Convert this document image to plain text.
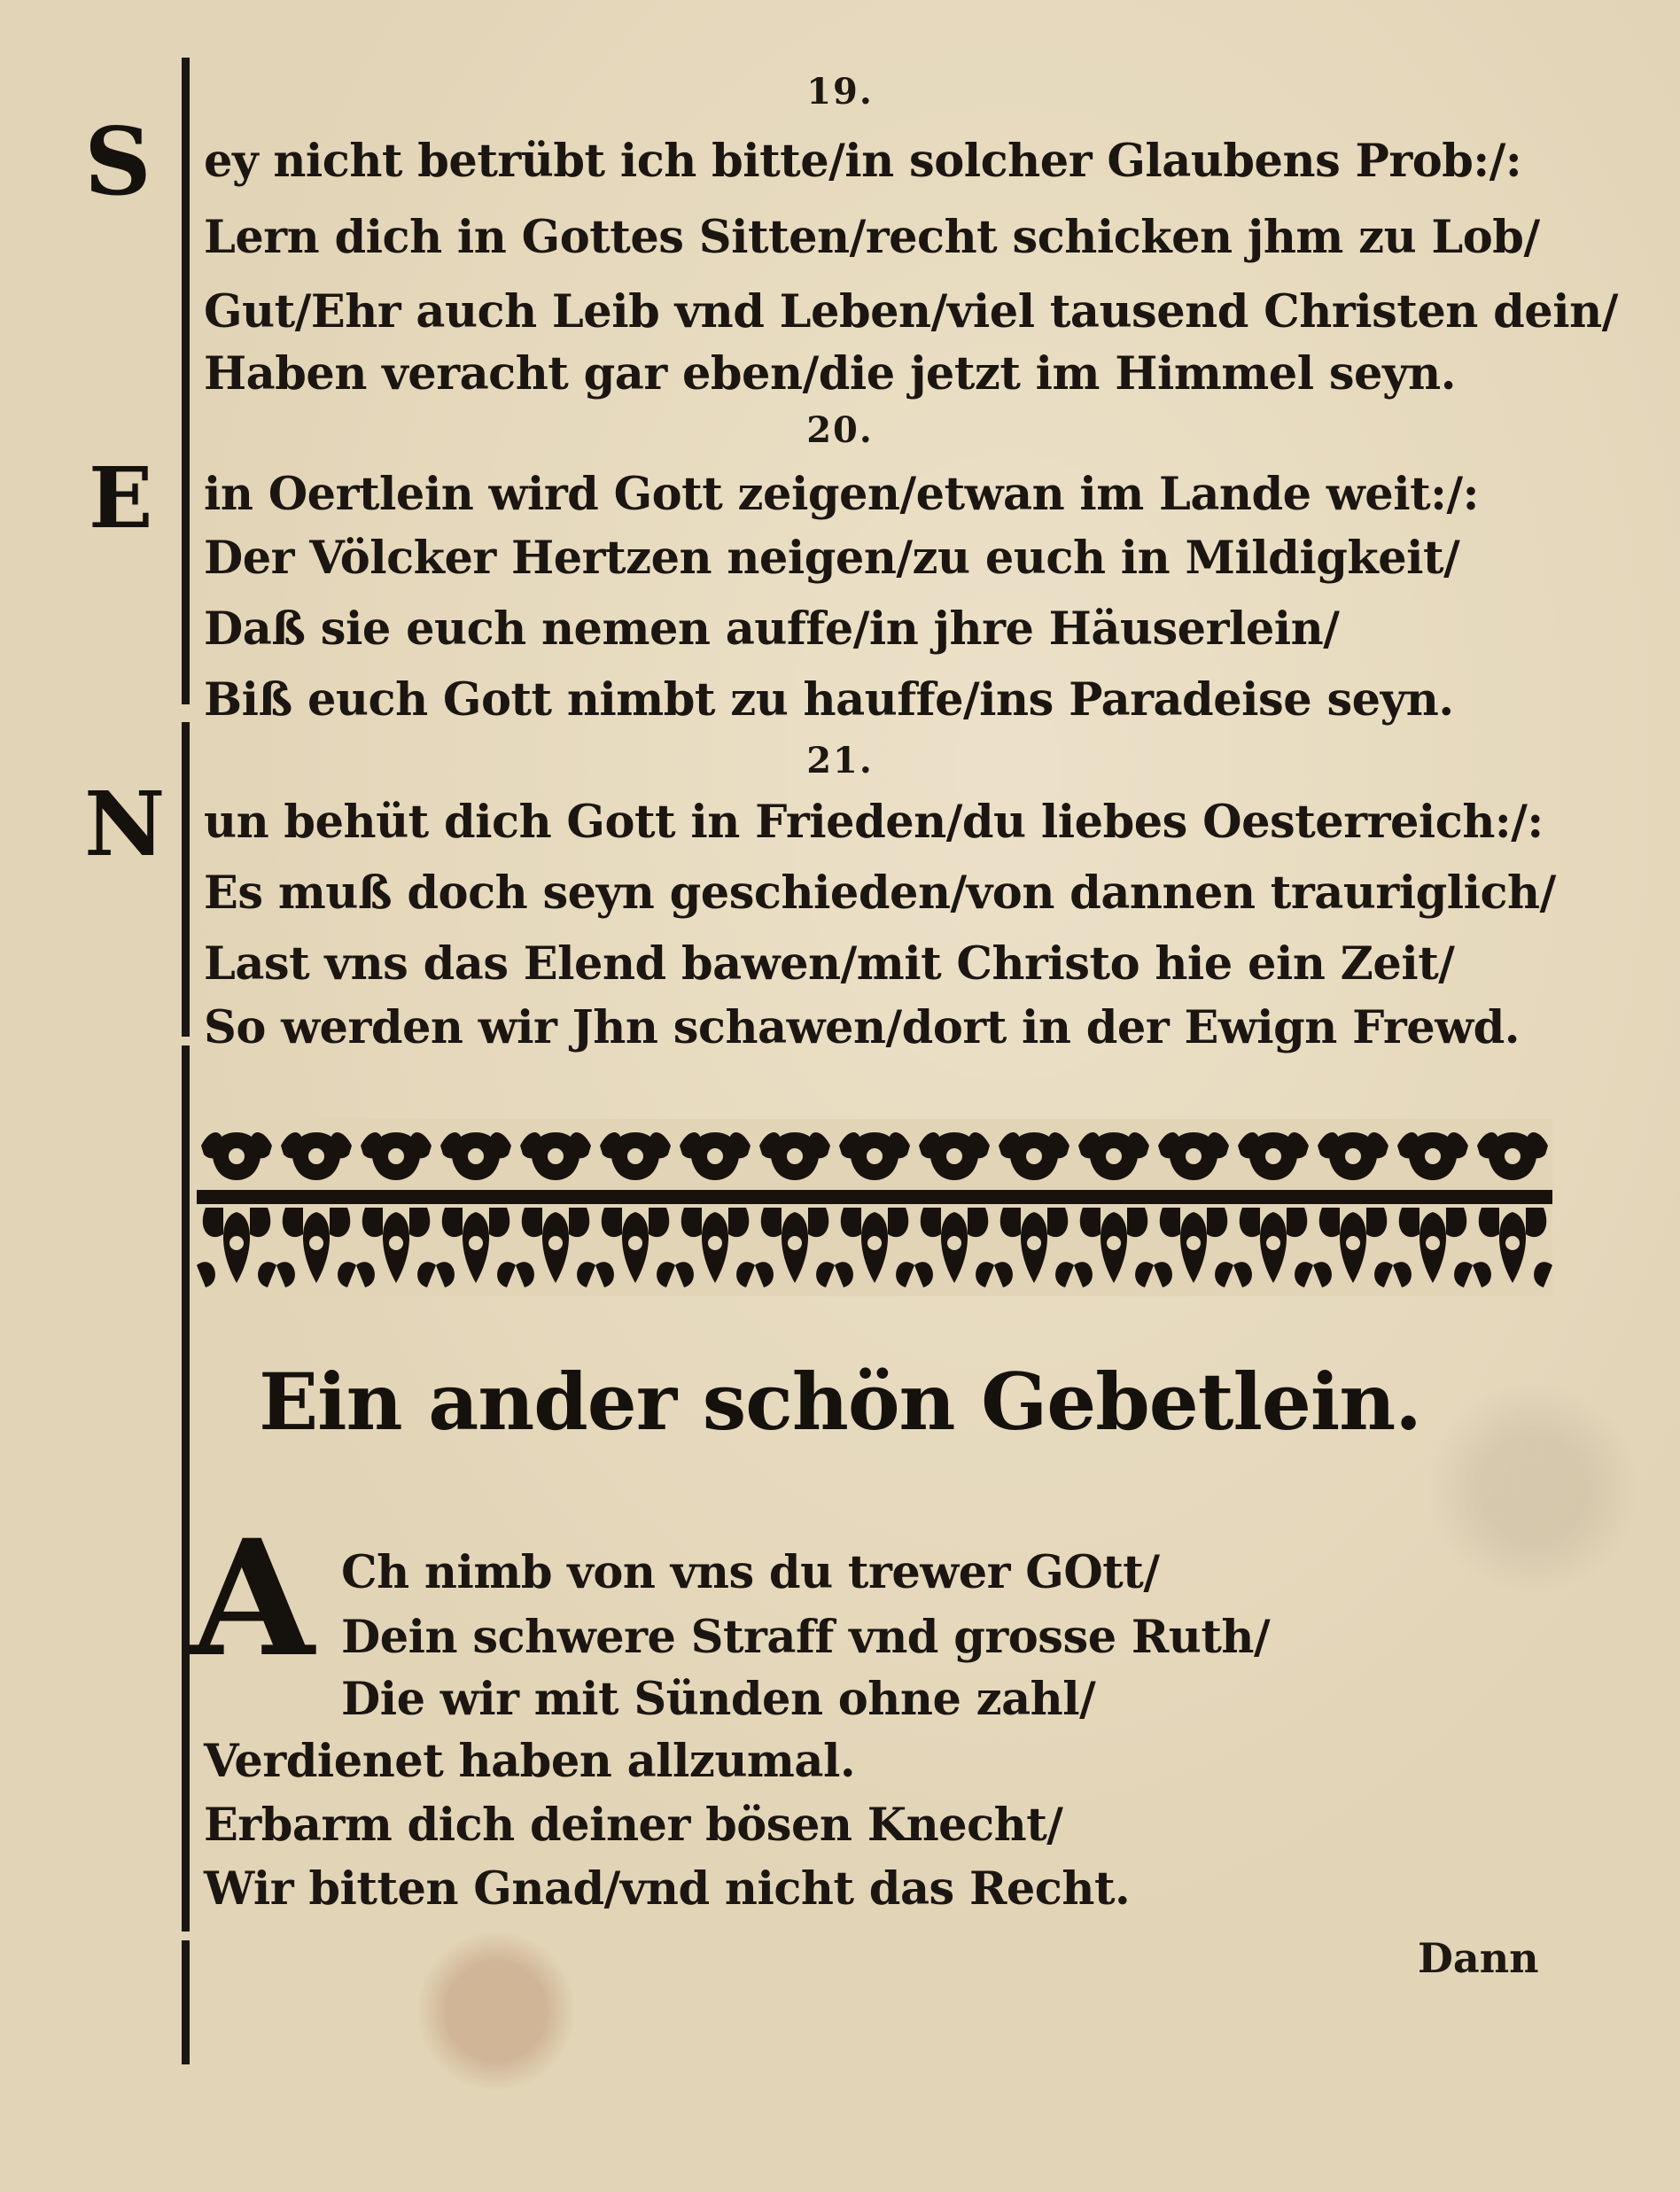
19.
S ey nicht betrübt ich bitte/in solcher Glaubens Prob:/:
Lern dich in Gottes Sitten/recht schicken jhm zu Lob/
Gut/Ehr auch Leib vnd Leben/viel tausend Christen dein/
Haben veracht gar eben/die jetzt im Himmel seyn.
20.
E in Oertlein wird Gott zeigen/etwan im Lande weit:/:
Der Völcker Hertzen neigen/zu euch in Mildigkeit/
Daß sie euch nemen auffe/in jhre Häuserlein/
Biß euch Gott nimbt zu hauffe/ins Paradeise seyn.
21.
N un behüt dich Gott in Frieden/du liebes Oesterreich:/:
Es muß doch seyn geschieden/von dannen trauriglich/
Last vns das Elend bawen/mit Christo hie ein Zeit/
So werden wir Jhn schawen/dort in der Ewign Frewd.
Ein ander schön Gebetlein.
A Ch nimb von vns du trewer GOtt/
Dein schwere Straff vnd grosse Ruth/
Die wir mit Sünden ohne zahl/
Verdienet haben allzumal.
Erbarm dich deiner bösen Knecht/
Wir bitten Gnad/vnd nicht das Recht.
Dann
